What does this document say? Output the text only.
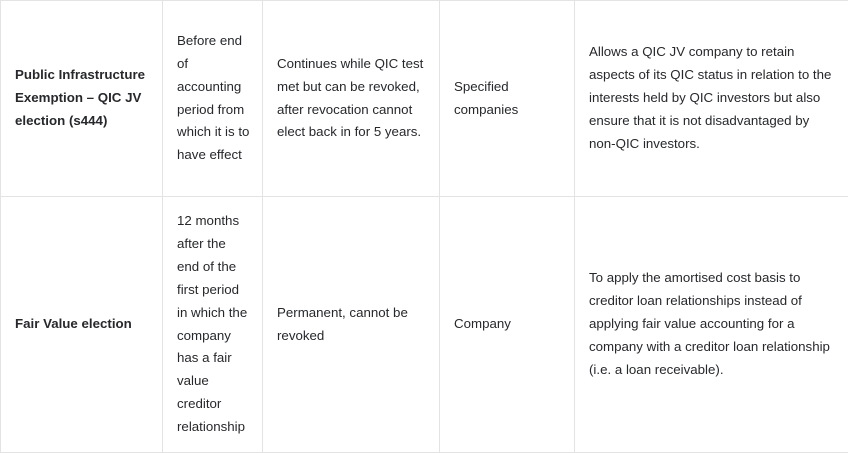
Public Infrastructure Exemption – QIC JV election (s444)	Before end of accounting period from which it is to have effect	Continues while QIC test met but can be revoked, after revocation cannot elect back in for 5 years.	Specified companies	Allows a QIC JV company to retain aspects of its QIC status in relation to the interests held by QIC investors but also ensure that it is not disadvantaged by non-QIC investors.
Fair Value election	12 months after the end of the first period in which the company has a fair value creditor relationship	Permanent, cannot be revoked	Company	To apply the amortised cost basis to creditor loan relationships instead of applying fair value accounting for a company with a creditor loan relationship (i.e. a loan receivable).
